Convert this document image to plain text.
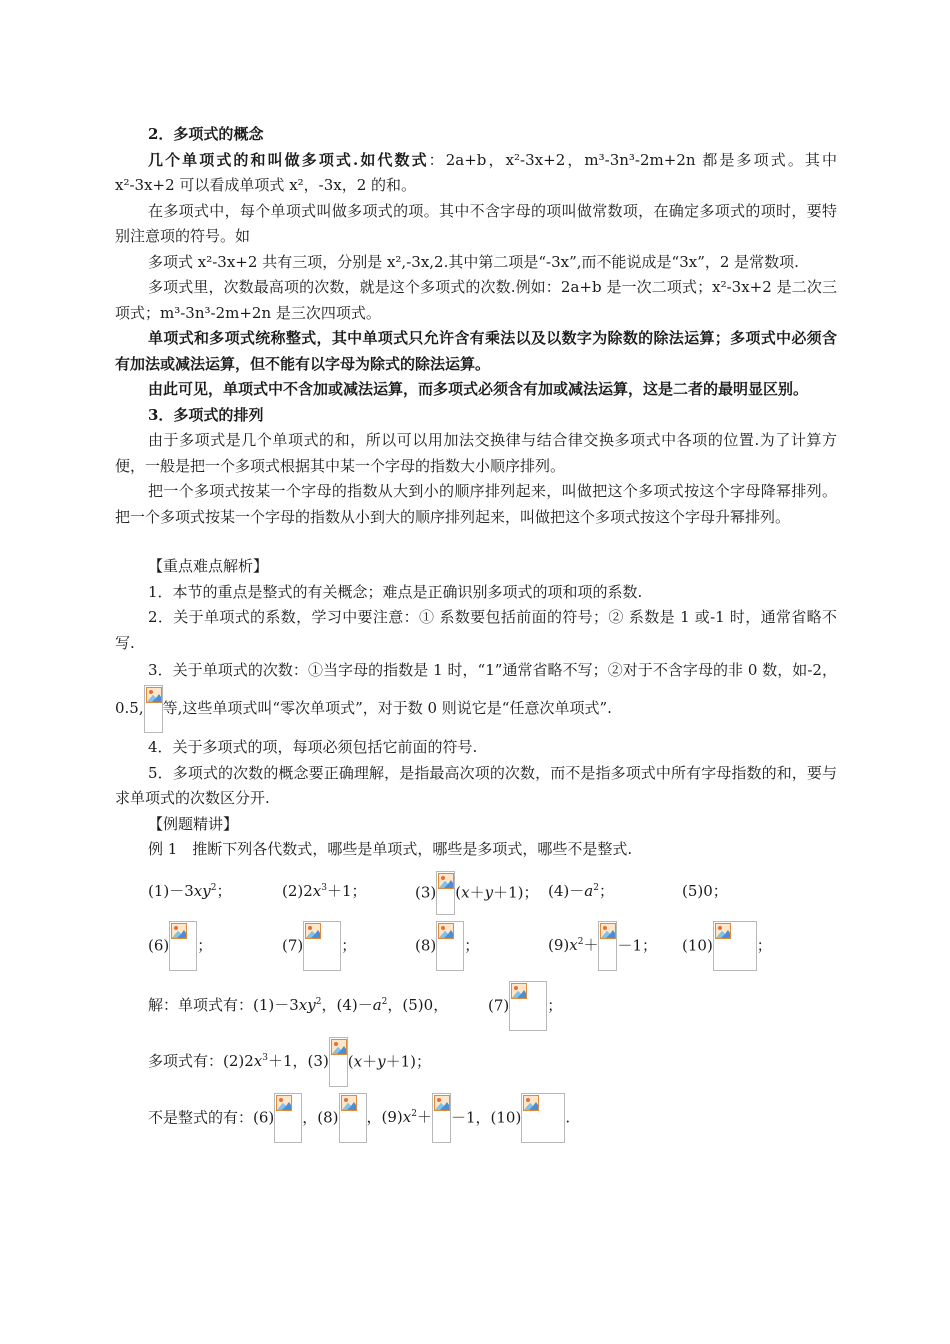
2．多项式的概念

几个单项式的和叫做多项式.如代数式：2a+b，x²-3x+2，m³-3n³-2m+2n 都是多项式。其中 x²-3x+2 可以看成单项式 x²，-3x，2 的和。

在多项式中，每个单项式叫做多项式的项。其中不含字母的项叫做常数项，在确定多项式的项时，要特别注意项的符号。如

多项式 x²-3x+2 共有三项，分别是 x²,-3x,2.其中第二项是“-3x”,而不能说成是“3x”，2 是常数项.

多项式里，次数最高项的次数，就是这个多项式的次数.例如：2a+b 是一次二项式；x²-3x+2 是二次三项式；m³-3n³-2m+2n 是三次四项式。

单项式和多项式统称整式，其中单项式只允许含有乘法以及以数字为除数的除法运算；多项式中必须含有加法或减法运算，但不能有以字母为除式的除法运算。

由此可见，单项式中不含加或减法运算，而多项式必须含有加或减法运算，这是二者的最明显区别。

3．多项式的排列

由于多项式是几个单项式的和，所以可以用加法交换律与结合律交换多项式中各项的位置.为了计算方便，一般是把一个多项式根据其中某一个字母的指数大小顺序排列。

把一个多项式按某一个字母的指数从大到小的顺序排列起来，叫做把这个多项式按这个字母降幂排列。把一个多项式按某一个字母的指数从小到大的顺序排列起来，叫做把这个多项式按这个字母升幂排列。

【重点难点解析】

1．本节的重点是整式的有关概念；难点是正确识别多项式的项和项的系数.

2．关于单项式的系数，学习中要注意：① 系数要包括前面的符号；② 系数是 1 或-1 时，通常省略不写.

3．关于单项式的次数：①当字母的指数是 1 时，“1”通常省略不写；②对于不含字母的非 0 数，如-2，0.5, 等,这些单项式叫“零次单项式”，对于数 0 则说它是“任意次单项式”.

4．关于多项式的项，每项必须包括它前面的符号.

5．多项式的次数的概念要正确理解，是指最高次项的次数，而不是指多项式中所有字母指数的和，要与求单项式的次数区分开.

【例题精讲】

例 1　推断下列各代数式，哪些是单项式，哪些是多项式，哪些不是整式.

$(1)-3xy^2$；	$(2)2x^3+1$；	(3) (x＋y＋1)； $(4)-a^2$；	(5)0；
(6) ；	(7)	；	(8) ；	$(9)x^2+ -1$； (10)	；
解：单项式有：$(1)-3xy^2$，$(4)-a^2$，(5)0，	(7)	；
多项式有：$(2)2x^3+1$，(3) (x＋y＋1)；
不是整式的有：(6) ，(8) ，$(9)x^2+ -1$，(10)	.
